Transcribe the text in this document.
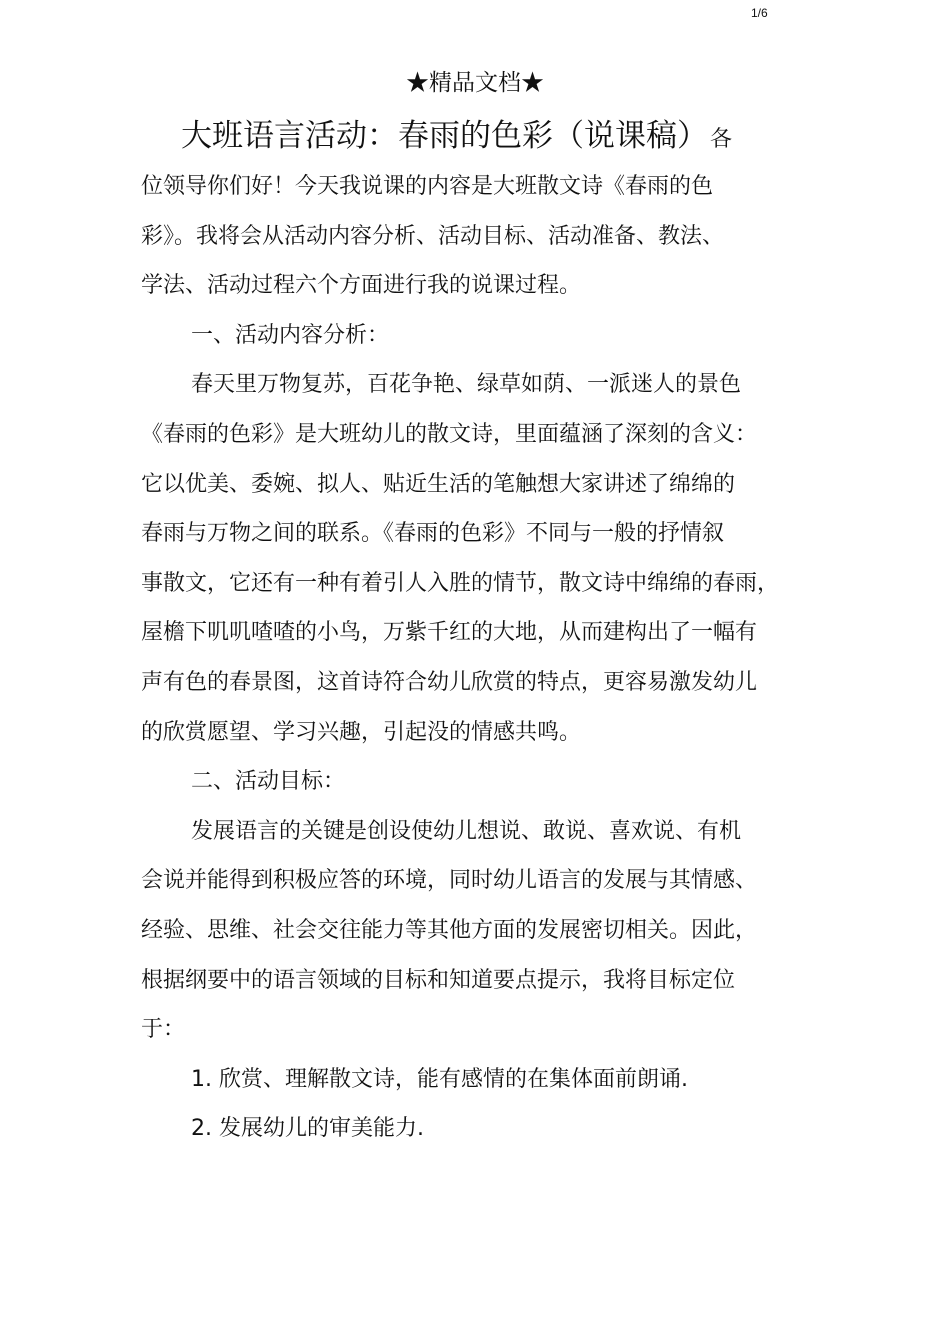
1/6
★精品文档★
大班语言活动：春雨的色彩（说课稿）各
位领导你们好！今天我说课的内容是大班散文诗《春雨的色
彩》。我将会从活动内容分析、活动目标、活动准备、教法、
学法、活动过程六个方面进行我的说课过程。
一、活动内容分析：
春天里万物复苏，百花争艳、绿草如荫、一派迷人的景色
《春雨的色彩》是大班幼儿的散文诗，里面蕴涵了深刻的含义：
它以优美、委婉、拟人、贴近生活的笔触想大家讲述了绵绵的
春雨与万物之间的联系。《春雨的色彩》不同与一般的抒情叙
事散文，它还有一种有着引人入胜的情节，散文诗中绵绵的春雨，
屋檐下叽叽喳喳的小鸟，万紫千红的大地，从而建构出了一幅有
声有色的春景图，这首诗符合幼儿欣赏的特点，更容易激发幼儿
的欣赏愿望、学习兴趣，引起没的情感共鸣。
二、活动目标：
发展语言的关键是创设使幼儿想说、敢说、喜欢说、有机
会说并能得到积极应答的环境，同时幼儿语言的发展与其情感、
经验、思维、社会交往能力等其他方面的发展密切相关。因此，
根据纲要中的语言领域的目标和知道要点提示，我将目标定位
于：
1. 欣赏、理解散文诗，能有感情的在集体面前朗诵.
2. 发展幼儿的审美能力.
